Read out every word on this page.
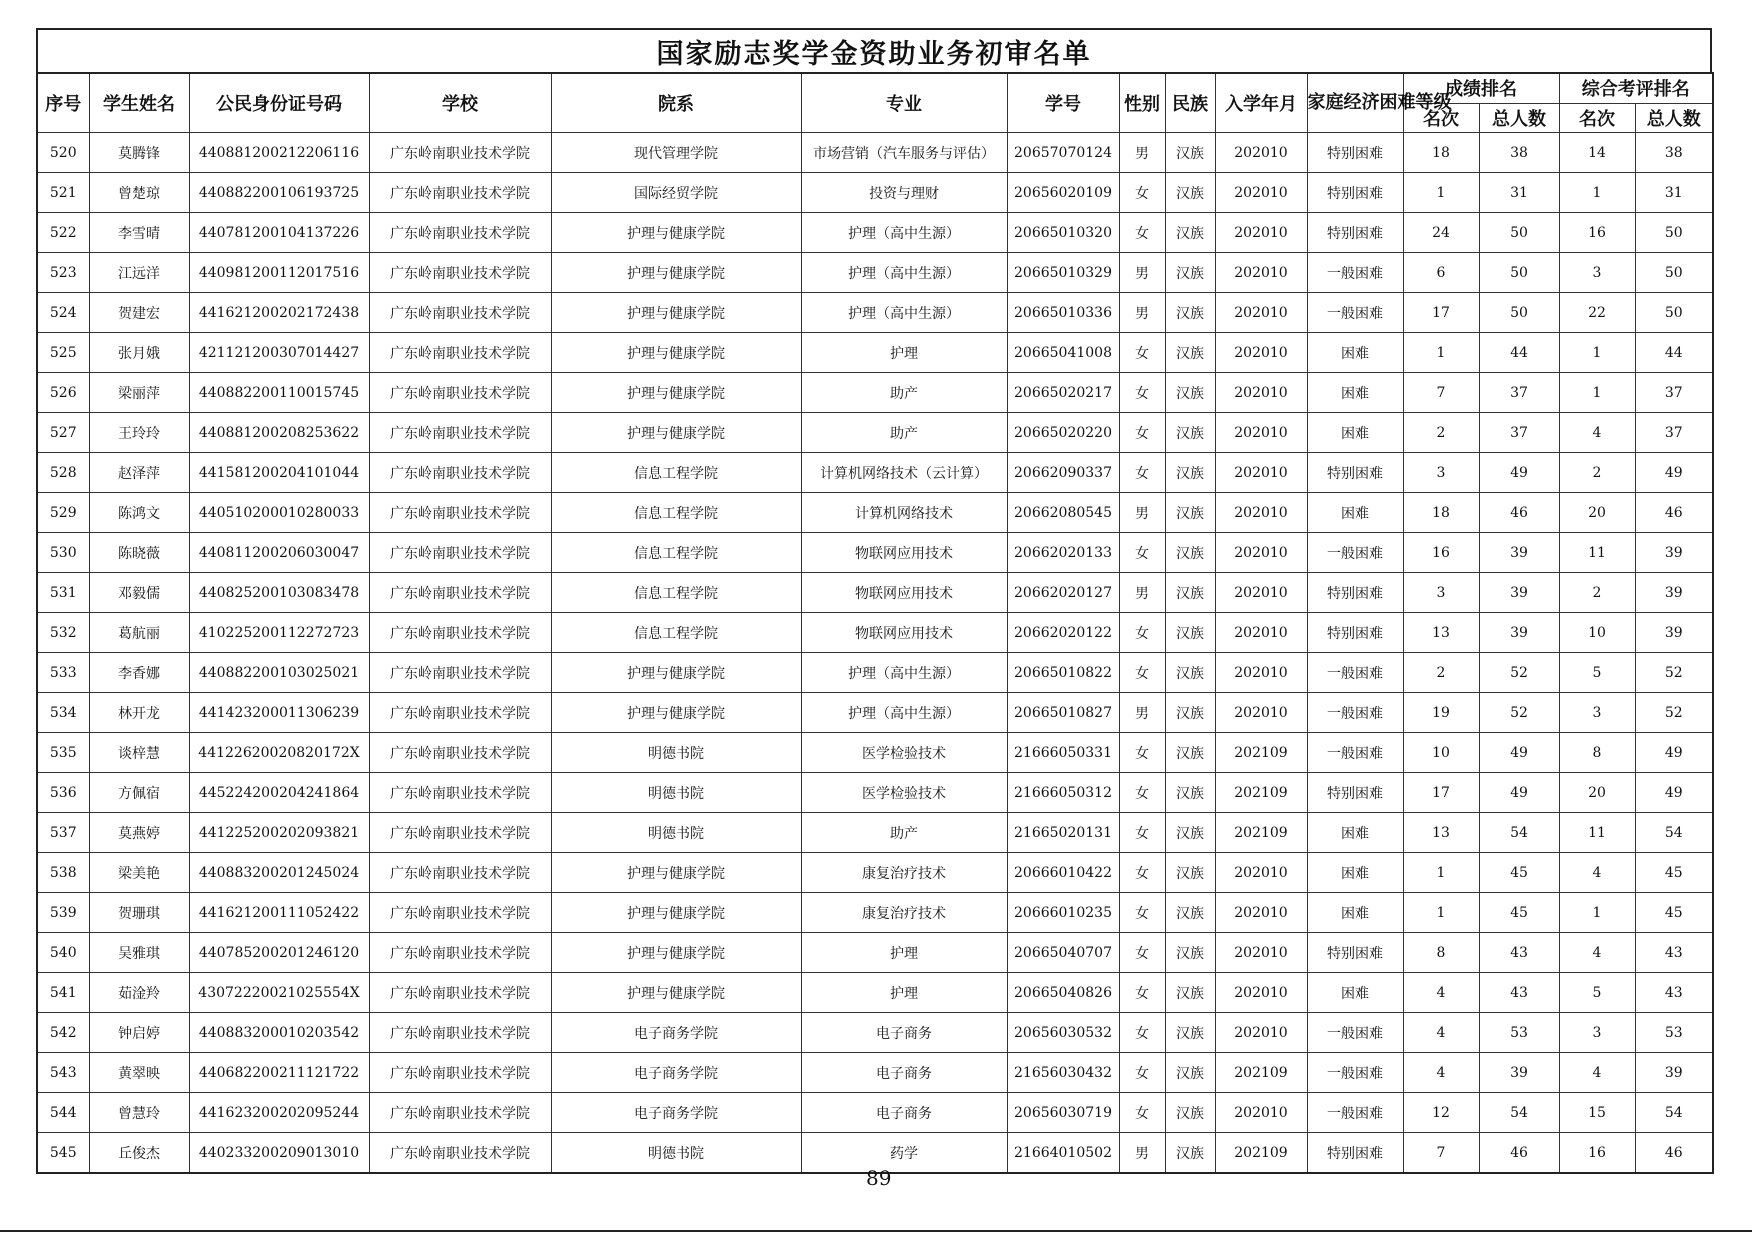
国家励志奖学金资助业务初审名单
序号	学生姓名	公民身份证号码	学校	院系	专业	学号	性别	民族	入学年月	家庭经济困难等级	成绩排名		综合考评排名	
											名次	总人数	名次	总人数
520	莫腾锋	440881200212206116	广东岭南职业技术学院	现代管理学院	市场营销（汽车服务与评估）	20657070124	男	汉族	202010	特别困难	18	38	14	38
521	曾楚琼	440882200106193725	广东岭南职业技术学院	国际经贸学院	投资与理财	20656020109	女	汉族	202010	特别困难	1	31	1	31
522	李雪晴	440781200104137226	广东岭南职业技术学院	护理与健康学院	护理（高中生源）	20665010320	女	汉族	202010	特别困难	24	50	16	50
523	江远洋	440981200112017516	广东岭南职业技术学院	护理与健康学院	护理（高中生源）	20665010329	男	汉族	202010	一般困难	6	50	3	50
524	贺建宏	441621200202172438	广东岭南职业技术学院	护理与健康学院	护理（高中生源）	20665010336	男	汉族	202010	一般困难	17	50	22	50
525	张月娥	421121200307014427	广东岭南职业技术学院	护理与健康学院	护理	20665041008	女	汉族	202010	困难	1	44	1	44
526	梁丽萍	440882200110015745	广东岭南职业技术学院	护理与健康学院	助产	20665020217	女	汉族	202010	困难	7	37	1	37
527	王玲玲	440881200208253622	广东岭南职业技术学院	护理与健康学院	助产	20665020220	女	汉族	202010	困难	2	37	4	37
528	赵泽萍	441581200204101044	广东岭南职业技术学院	信息工程学院	计算机网络技术（云计算）	20662090337	女	汉族	202010	特别困难	3	49	2	49
529	陈鸿文	440510200010280033	广东岭南职业技术学院	信息工程学院	计算机网络技术	20662080545	男	汉族	202010	困难	18	46	20	46
530	陈晓薇	440811200206030047	广东岭南职业技术学院	信息工程学院	物联网应用技术	20662020133	女	汉族	202010	一般困难	16	39	11	39
531	邓毅儒	440825200103083478	广东岭南职业技术学院	信息工程学院	物联网应用技术	20662020127	男	汉族	202010	特别困难	3	39	2	39
532	葛航丽	410225200112272723	广东岭南职业技术学院	信息工程学院	物联网应用技术	20662020122	女	汉族	202010	特别困难	13	39	10	39
533	李香娜	440882200103025021	广东岭南职业技术学院	护理与健康学院	护理（高中生源）	20665010822	女	汉族	202010	一般困难	2	52	5	52
534	林开龙	441423200011306239	广东岭南职业技术学院	护理与健康学院	护理（高中生源）	20665010827	男	汉族	202010	一般困难	19	52	3	52
535	谈梓慧	44122620020820172X	广东岭南职业技术学院	明德书院	医学检验技术	21666050331	女	汉族	202109	一般困难	10	49	8	49
536	方佩宿	445224200204241864	广东岭南职业技术学院	明德书院	医学检验技术	21666050312	女	汉族	202109	特别困难	17	49	20	49
537	莫燕婷	441225200202093821	广东岭南职业技术学院	明德书院	助产	21665020131	女	汉族	202109	困难	13	54	11	54
538	梁美艳	440883200201245024	广东岭南职业技术学院	护理与健康学院	康复治疗技术	20666010422	女	汉族	202010	困难	1	45	4	45
539	贺珊琪	441621200111052422	广东岭南职业技术学院	护理与健康学院	康复治疗技术	20666010235	女	汉族	202010	困难	1	45	1	45
540	吴雅琪	440785200201246120	广东岭南职业技术学院	护理与健康学院	护理	20665040707	女	汉族	202010	特别困难	8	43	4	43
541	茹淦羚	43072220021025554X	广东岭南职业技术学院	护理与健康学院	护理	20665040826	女	汉族	202010	困难	4	43	5	43
542	钟启婷	440883200010203542	广东岭南职业技术学院	电子商务学院	电子商务	20656030532	女	汉族	202010	一般困难	4	53	3	53
543	黄翠映	440682200211121722	广东岭南职业技术学院	电子商务学院	电子商务	21656030432	女	汉族	202109	一般困难	4	39	4	39
544	曾慧玲	441623200202095244	广东岭南职业技术学院	电子商务学院	电子商务	20656030719	女	汉族	202010	一般困难	12	54	15	54
545	丘俊杰	440233200209013010	广东岭南职业技术学院	明德书院	药学	21664010502	男	汉族	202109	特别困难	7	46	16	46
89
